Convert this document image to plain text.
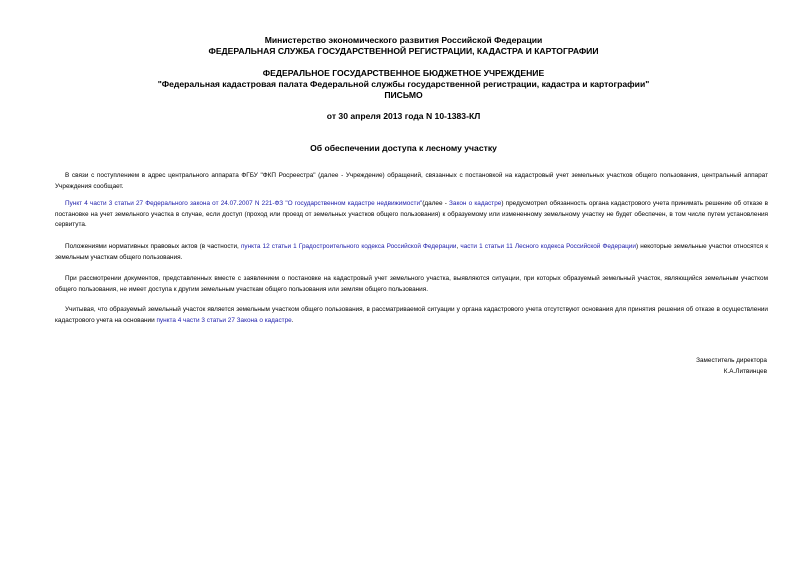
Министерство экономического развития Российской Федерации
ФЕДЕРАЛЬНАЯ СЛУЖБА ГОСУДАРСТВЕННОЙ РЕГИСТРАЦИИ, КАДАСТРА И КАРТОГРАФИИ
ФЕДЕРАЛЬНОЕ ГОСУДАРСТВЕННОЕ БЮДЖЕТНОЕ УЧРЕЖДЕНИЕ
"Федеральная кадастровая палата Федеральной службы государственной регистрации, кадастра и картографии"
ПИСЬМО
от 30 апреля 2013 года N 10-1383-КЛ
Об обеспечении доступа к лесному участку
В связи с поступлением в адрес центрального аппарата ФГБУ "ФКП Росреестра" (далее - Учреждение) обращений, связанных с постановкой на кадастровый учет земельных участков общего пользования, центральный аппарат Учреждения сообщает.
Пункт 4 части 3 статьи 27 Федерального закона от 24.07.2007 N 221-ФЗ "О государственном кадастре недвижимости"(далее - Закон о кадастре) предусмотрел обязанность органа кадастрового учета принимать решение об отказе в постановке на учет земельного участка в случае, если доступ (проход или проезд от земельных участков общего пользования) к образуемому или измененному земельному участку не будет обеспечен, в том числе путем установления сервитута.
Положениями нормативных правовых актов (в частности, пункта 12 статьи 1 Градостроительного кодекса Российской Федерации, части 1 статьи 11 Лесного кодекса Российской Федерации) некоторые земельные участки относятся к земельным участкам общего пользования.
При рассмотрении документов, представленных вместе с заявлением о постановке на кадастровый учет земельного участка, выявляются ситуации, при которых образуемый земельный участок, являющийся земельным участком общего пользования, не имеет доступа к другим земельным участкам общего пользования или землям общего пользования.
Учитывая, что образуемый земельный участок является земельным участком общего пользования, в рассматриваемой ситуации у органа кадастрового учета отсутствуют основания для принятия решения об отказе в осуществлении кадастрового учета на основании пункта 4 части 3 статьи 27 Закона о кадастре.
Заместитель директора
К.А.Литвинцев
